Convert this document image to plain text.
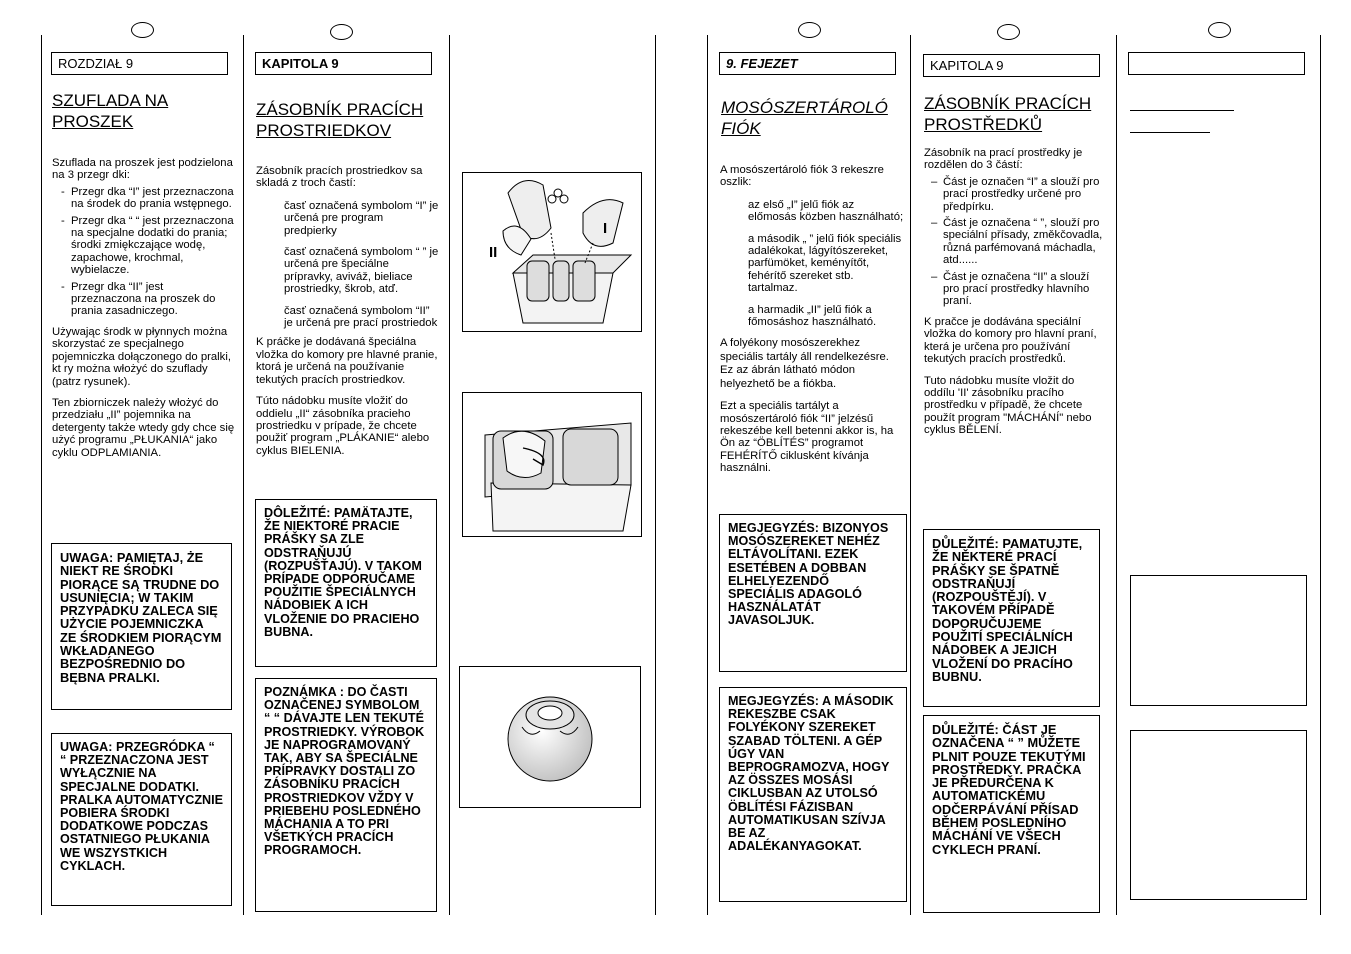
ROZDZIAŁ 9
SZUFLADA NA PROSZEK

Szuflada na proszek jest podzielona na 3 przegr dki:

- Przegr dka “I” jest przeznaczona na środek do prania wstępnego.
- Przegr dka “ “ jest przeznaczona na specjalne dodatki do prania; środki zmiękczające wodę, zapachowe, krochmal, wybielacze.
- Przegr dka “II” jest przeznaczona na proszek do prania zasadniczego.

Używając środk w płynnych można skorzystać ze specjalnego pojemniczka dołączonego do pralki, kt ry można włożyć do szuflady (patrz rysunek).

Ten zbiorniczek należy włożyć do przedziału „II” pojemnika na detergenty także wtedy gdy chce się użyć programu „PŁUKANIA“ jako cyklu ODPLAMIANIA.

UWAGA: PAMIĘTAJ, ŻE NIEKT RE ŚRODKI PIORĄCE SĄ TRUDNE DO USUNIĘCIA; W TAKIM PRZYPADKU ZALECA SIĘ UŻYCIE POJEMNICZKA ZE ŚRODKIEM PIORĄCYM WKŁADANEGO BEZPOŚREDNIO DO BĘBNA PRALKI.
UWAGA: PRZEGRÓDKA “ “ PRZEZNACZONA JEST WYŁĄCZNIE NA SPECJALNE DODATKI. PRALKA AUTOMATYCZNIE POBIERA ŚRODKI DODATKOWE PODCZAS OSTATNIEGO PŁUKANIA WE WSZYSTKICH CYKLACH.
KAPITOLA 9
ZÁSOBNÍK PRACÍCH PROSTRIEDKOV

Zásobník pracích prostriedkov sa skladá z troch častí:

časť označená symbolom “I” je určená pre program predpierky

časť označená symbolom “ ” je určená pre špeciálne prípravky, aviváž, bieliace prostriedky, škrob, atď.

časť označená symbolom “II” je určená pre prací prostriedok

K práčke je dodávaná špeciálna vložka do komory pre hlavné pranie, ktorá je určená na používanie tekutých pracích prostriedkov.

Túto nádobku musíte vložiť do oddielu „II“ zásobníka pracieho prostriedku v prípade, že chcete použiť program „PLÁKANIE“ alebo cyklus BIELENIA.

DÔLEŽITÉ: PAMÄTAJTE, ŽE NIEKTORÉ PRACIE PRÁŠKY SA ZLE ODSTRAŇUJÚ (ROZPUŠŤAJÚ). V TAKOM PRÍPADE ODPORUČAME POUŽITIE ŠPECIÁLNYCH NÁDOBIEK A ICH VLOŽENIE DO PRACIEHO BUBNA.
POZNÁMKA : DO ČASTI OZNAČENEJ SYMBOLOM “ “ DÁVAJTE LEN TEKUTÉ PROSTRIEDKY. VÝROBOK JE NAPROGRAMOVANÝ TAK, ABY SA ŠPECIÁLNE PRÍPRAVKY DOSTALI ZO ZÁSOBNÍKU PRACÍCH PROSTRIEDKOV VŽDY V PRIEBEHU POSLEDNÉHO MÁCHANIA A TO PRI VŠETKÝCH PRACÍCH PROGRAMOCH.
I
II
9. FEJEZET
MOSÓSZERTÁROLÓ FIÓK

A mosószertároló fiók 3 rekeszre oszlik:

az első „I” jelű fiók az előmosás közben használható;

a második „ ” jelű fiók speciális adalékokat, lágyítószereket, parfümöket, keményítőt, fehérítő szereket stb. tartalmaz.

a harmadik „II” jelű fiók a főmosáshoz használható.

A folyékony mosószerekhez speciális tartály áll rendelkezésre. Ez az ábrán látható módon helyezhető be a fiókba.

Ezt a speciális tartályt a mosószertároló fiók “II” jelzésű rekeszébe kell betenni akkor is, ha Ön az “ÖBLÍTÉS” programot FEHÉRÍTŐ ciklusként kívánja használni.

MEGJEGYZÉS: BIZONYOS MOSÓSZEREKET NEHÉZ ELTÁVOLÍTANI. EZEK ESETÉBEN A DOBBAN ELHELYEZENDŐ SPECIÁLIS ADAGOLÓ HASZNÁLATÁT JAVASOLJUK.
MEGJEGYZÉS: A MÁSODIK REKESZBE CSAK FOLYÉKONY SZEREKET SZABAD TÖLTENI. A GÉP ÚGY VAN BEPROGRAMOZVA, HOGY AZ ÖSSZES MOSÁSI CIKLUSBAN AZ UTOLSÓ ÖBLÍTÉSI FÁZISBAN AUTOMATIKUSAN SZÍVJA BE AZ ADALÉKANYAGOKAT.
KAPITOLA 9
ZÁSOBNÍK PRACÍCH PROSTŘEDKŮ

Zásobník na prací prostředky je rozdělen do 3 částí:

– Část je označen “I” a slouží pro prací prostředky určené pro předpírku.
– Část je označena “ ”, slouží pro speciální přísady, změkčovadla, různá parfémovaná máchadla, atd......
– Část je označena “II” a slouží pro prací prostředky hlavního praní.

K pračce je dodávána speciální vložka do komory pro hlavní praní, která je určena pro používání tekutých pracích prostředků.

Tuto nádobku musíte vložit do oddílu 'II' zásobníku pracího prostředku v případě, že chcete použít program "MÁCHÁNÍ" nebo cyklus BĚLENÍ.

DŮLEŽITÉ: PAMATUJTE, ŽE NĚKTERÉ PRACÍ PRÁŠKY SE ŠPATNĚ ODSTRAŇUJÍ (ROZPOUŠTĚJÍ). V TAKOVÉM PŘÍPADĚ DOPORUČUJEME POUŽITÍ SPECIÁLNÍCH NÁDOBEK A JEJICH VLOŽENÍ DO PRACÍHO BUBNU.
DŮLEŽITÉ: ČÁST JE OZNAČENA “ ” MŮŽETE PLNIT POUZE TEKUTÝMI PROSTŘEDKY. PRAČKA JE PŘEDURČENA K AUTOMATICKÉMU ODČERPÁVÁNÍ PŘÍSAD BĚHEM POSLEDNÍHO MÁCHÁNÍ VE VŠECH CYKLECH PRANÍ.
